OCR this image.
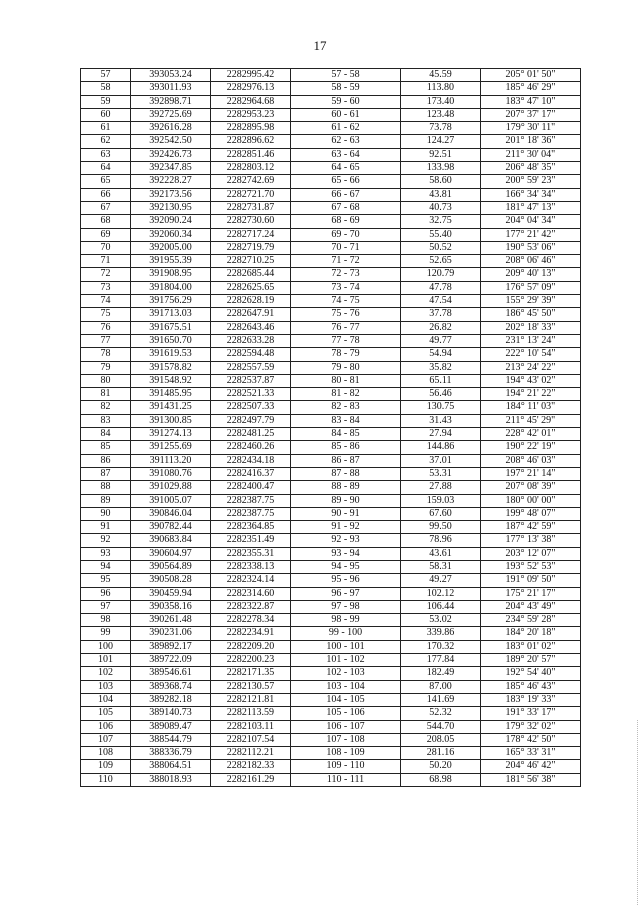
17
57	393053.24	2282995.42	57 - 58	45.59	205° 01' 50"
58	393011.93	2282976.13	58 - 59	113.80	185° 46' 29"
59	392898.71	2282964.68	59 - 60	173.40	183° 47' 10"
60	392725.69	2282953.23	60 - 61	123.48	207° 37' 17"
61	392616.28	2282895.98	61 - 62	73.78	179° 30' 11"
62	392542.50	2282896.62	62 - 63	124.27	201° 18' 36"
63	392426.73	2282851.46	63 - 64	92.51	211° 30' 04"
64	392347.85	2282803.12	64 - 65	133.98	206° 48' 35"
65	392228.27	2282742.69	65 - 66	58.60	200° 59' 23"
66	392173.56	2282721.70	66 - 67	43.81	166° 34' 34"
67	392130.95	2282731.87	67 - 68	40.73	181° 47' 13"
68	392090.24	2282730.60	68 - 69	32.75	204° 04' 34"
69	392060.34	2282717.24	69 - 70	55.40	177° 21' 42"
70	392005.00	2282719.79	70 - 71	50.52	190° 53' 06"
71	391955.39	2282710.25	71 - 72	52.65	208° 06' 46"
72	391908.95	2282685.44	72 - 73	120.79	209° 40' 13"
73	391804.00	2282625.65	73 - 74	47.78	176° 57' 09"
74	391756.29	2282628.19	74 - 75	47.54	155° 29' 39"
75	391713.03	2282647.91	75 - 76	37.78	186° 45' 50"
76	391675.51	2282643.46	76 - 77	26.82	202° 18' 33"
77	391650.70	2282633.28	77 - 78	49.77	231° 13' 24"
78	391619.53	2282594.48	78 - 79	54.94	222° 10' 54"
79	391578.82	2282557.59	79 - 80	35.82	213° 24' 22"
80	391548.92	2282537.87	80 - 81	65.11	194° 43' 02"
81	391485.95	2282521.33	81 - 82	56.46	194° 21' 22"
82	391431.25	2282507.33	82 - 83	130.75	184° 11' 03"
83	391300.85	2282497.79	83 - 84	31.43	211° 45' 29"
84	391274.13	2282481.25	84 - 85	27.94	228° 42' 01"
85	391255.69	2282460.26	85 - 86	144.86	190° 22' 19"
86	391113.20	2282434.18	86 - 87	37.01	208° 46' 03"
87	391080.76	2282416.37	87 - 88	53.31	197° 21' 14"
88	391029.88	2282400.47	88 - 89	27.88	207° 08' 39"
89	391005.07	2282387.75	89 - 90	159.03	180° 00' 00"
90	390846.04	2282387.75	90 - 91	67.60	199° 48' 07"
91	390782.44	2282364.85	91 - 92	99.50	187° 42' 59"
92	390683.84	2282351.49	92 - 93	78.96	177° 13' 38"
93	390604.97	2282355.31	93 - 94	43.61	203° 12' 07"
94	390564.89	2282338.13	94 - 95	58.31	193° 52' 53"
95	390508.28	2282324.14	95 - 96	49.27	191° 09' 50"
96	390459.94	2282314.60	96 - 97	102.12	175° 21' 17"
97	390358.16	2282322.87	97 - 98	106.44	204° 43' 49"
98	390261.48	2282278.34	98 - 99	53.02	234° 59' 28"
99	390231.06	2282234.91	99 - 100	339.86	184° 20' 18"
100	389892.17	2282209.20	100 - 101	170.32	183° 01' 02"
101	389722.09	2282200.23	101 - 102	177.84	189° 20' 57"
102	389546.61	2282171.35	102 - 103	182.49	192° 54' 40"
103	389368.74	2282130.57	103 - 104	87.00	185° 46' 43"
104	389282.18	2282121.81	104 - 105	141.69	183° 19' 33"
105	389140.73	2282113.59	105 - 106	52.32	191° 33' 17"
106	389089.47	2282103.11	106 - 107	544.70	179° 32' 02"
107	388544.79	2282107.54	107 - 108	208.05	178° 42' 50"
108	388336.79	2282112.21	108 - 109	281.16	165° 33' 31"
109	388064.51	2282182.33	109 - 110	50.20	204° 46' 42"
110	388018.93	2282161.29	110 - 111	68.98	181° 56' 38"
